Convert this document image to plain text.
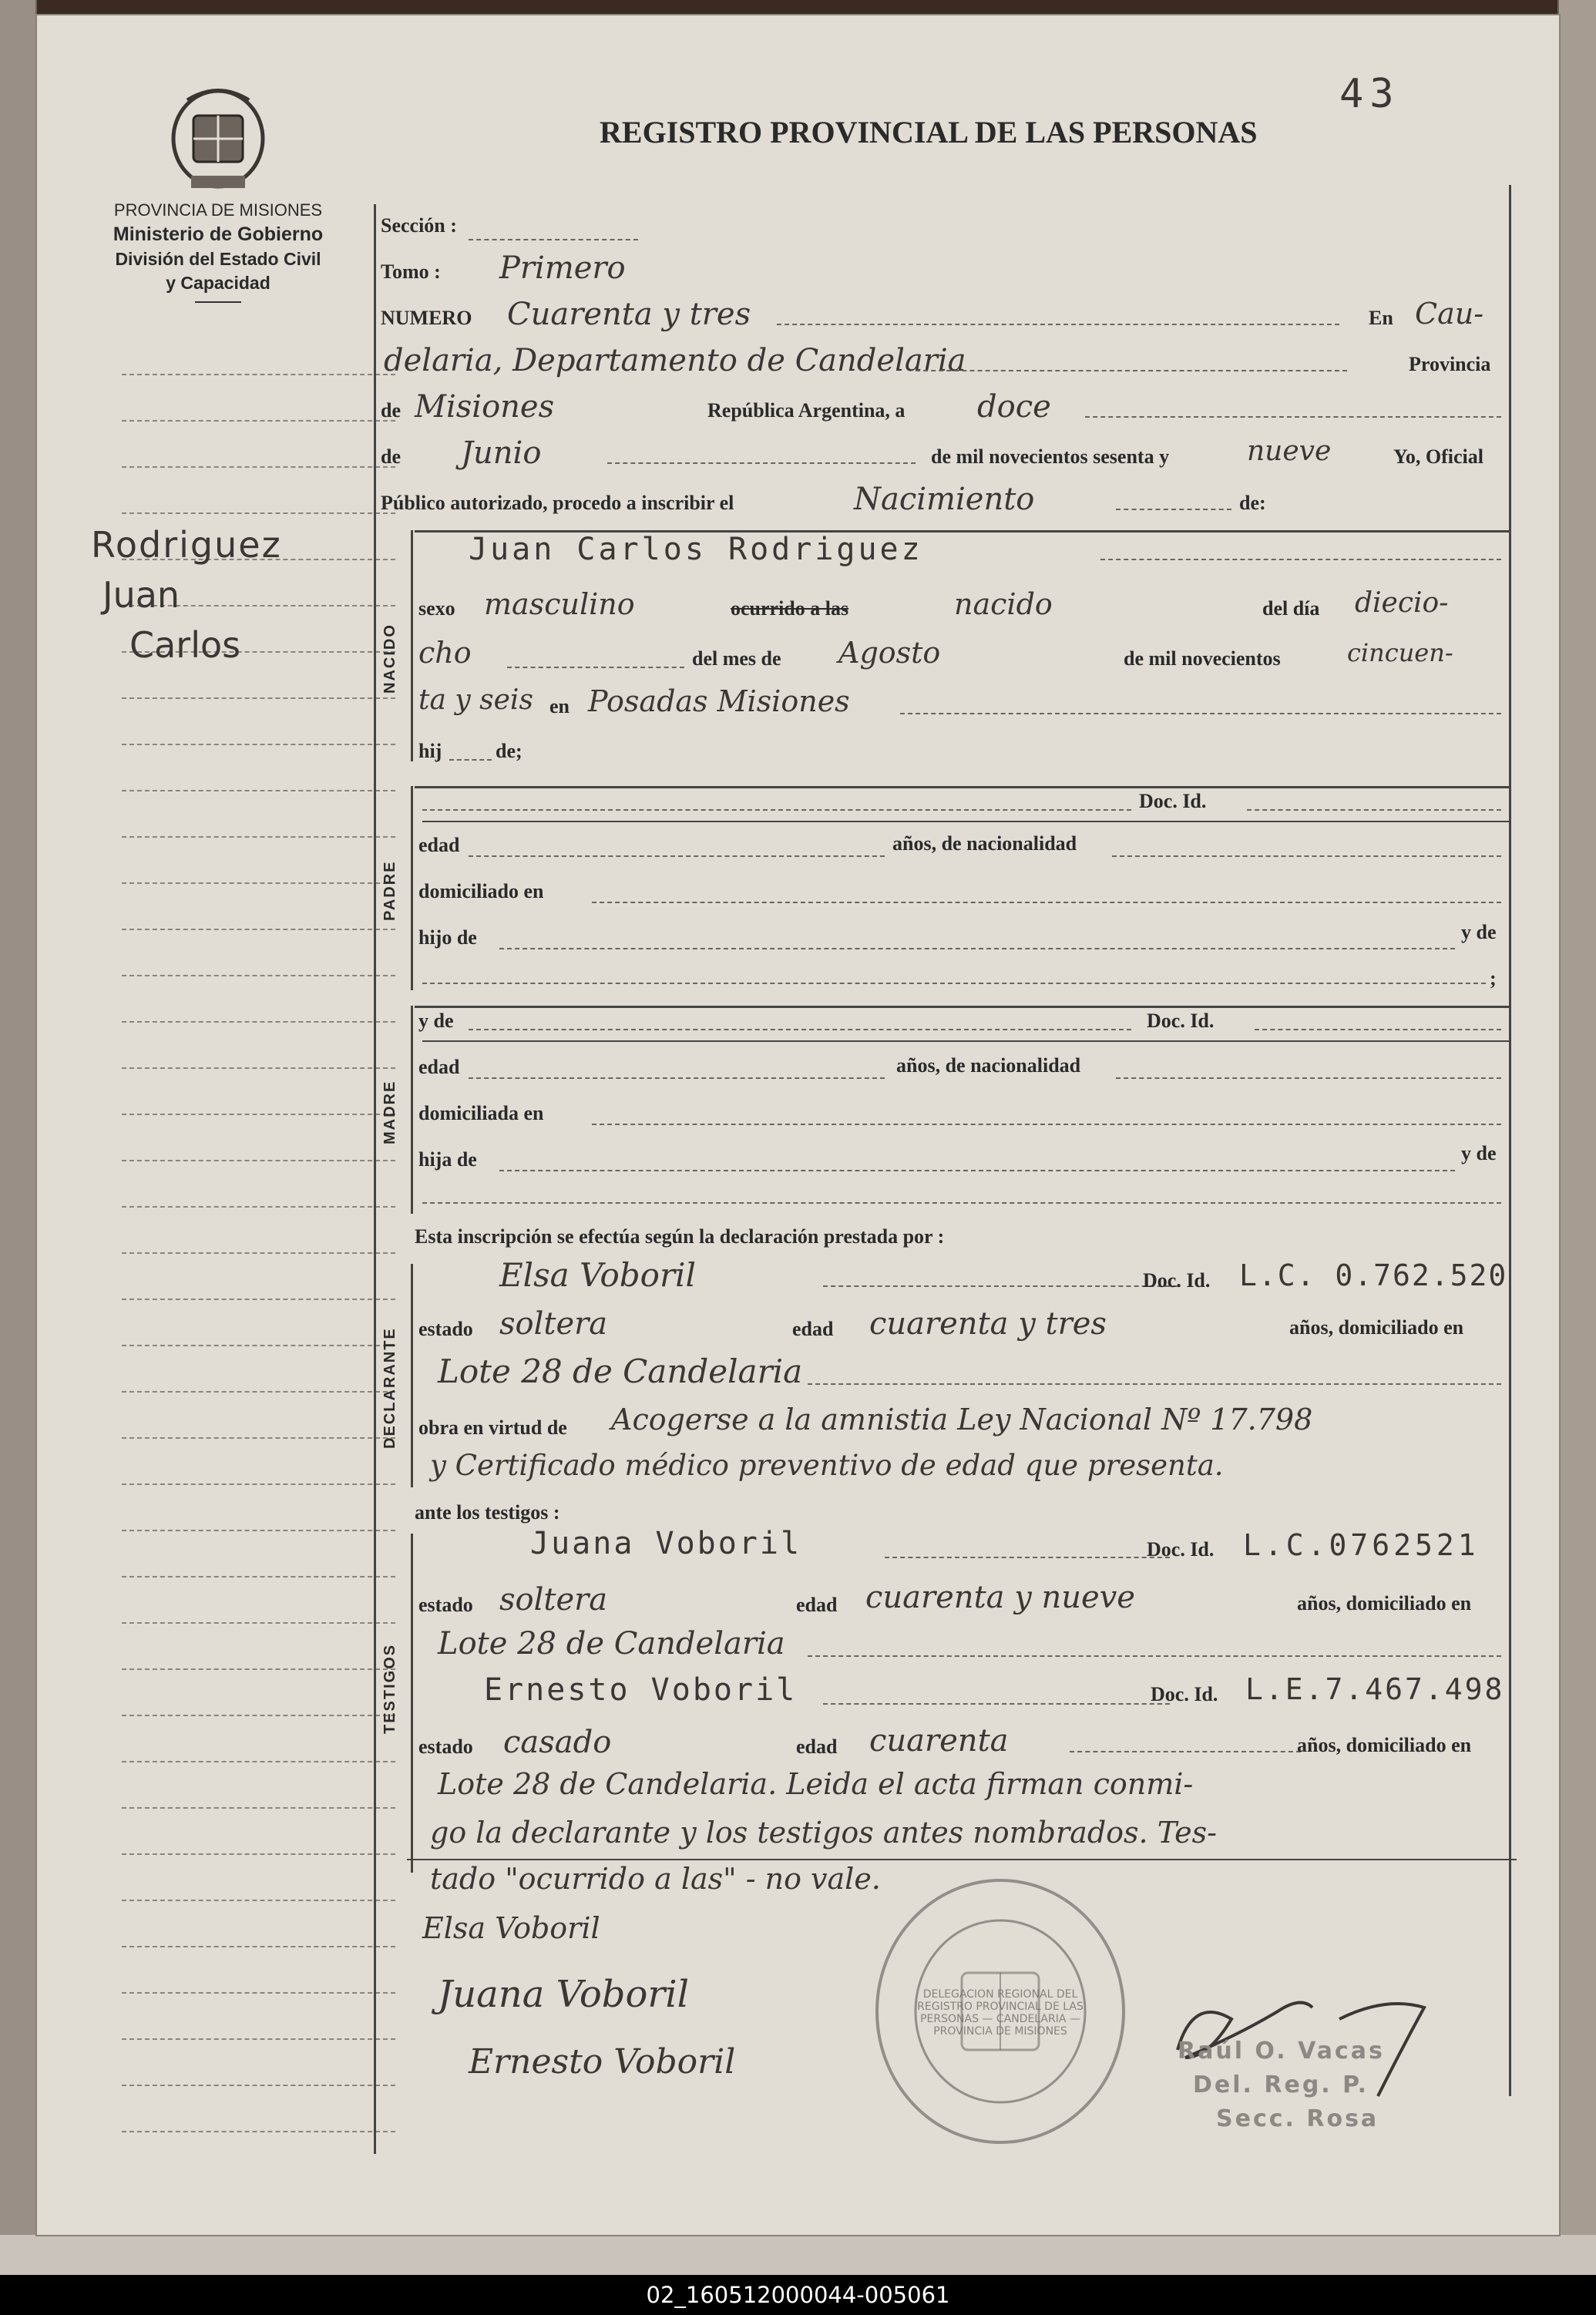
PROVINCIA DE MISIONES
Ministerio de Gobierno
División del Estado Civil
y Capacidad
REGISTRO PROVINCIAL DE LAS PERSONAS
43
Rodriguez
Juan
Carlos
Sección :
Tomo : Primero
NUMERO Cuarenta y tres	En Cau-
delaria, Departamento de Candelaria	Provincia
de Misiones	República Argentina, a doce
de Junio	de mil novecientos sesenta y	nueve	Yo, Oficial
Público autorizado, procedo a inscribir el	Nacimiento	de:
NACIDO
Juan Carlos Rodriguez
sexo masculino	ocurrido a las	nacido	del día diecio-
cho	del mes de Agosto	de mil novecientos	cincuen-
ta y seis en Posadas Misiones
hij	de;
PADRE
Doc. Id.
edad	años, de nacionalidad
domiciliado en
hijo de	y de
;
MADRE
y de	Doc. Id.
edad	años, de nacionalidad
domiciliada en
hija de	y de
Esta inscripción se efectúa según la declaración prestada por :
DECLARANTE
Elsa Voboril	Doc. Id. L.C. 0.762.520
estado soltera	edad cuarenta y tres	años, domiciliado en
Lote 28 de Candelaria
obra en virtud de Acogerse a la amnistia Ley Nacional Nº 17.798
y Certificado médico preventivo de edad que presenta.
ante los testigos :
TESTIGOS
Juana Voboril	Doc. Id. L.C.0762521
estado soltera	edad cuarenta y nueve	años, domiciliado en
Lote 28 de Candelaria
Ernesto Voboril	Doc. Id. L.E.7.467.498
estado casado	edad cuarenta	años, domiciliado en
Lote 28 de Candelaria. Leida el acta firman conmi-
go la declarante y los testigos antes nombrados. Tes-
tado "ocurrido a las" - no vale.
Elsa Voboril
Juana Voboril
Ernesto Voboril
DELEGACION REGIONAL DEL REGISTRO PROVINCIAL DE LAS PERSONAS — CANDELARIA — PROVINCIA DE MISIONES
Raúl O. Vacas
Del. Reg. P.
Secc. Rosa
02_160512000044-005061
